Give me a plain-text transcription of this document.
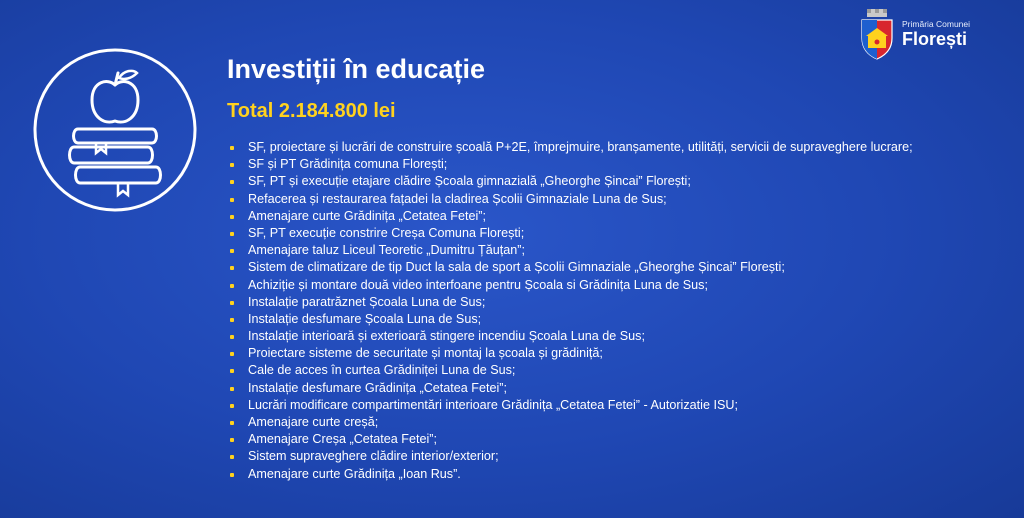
Primăria Comunei
Florești
Investiții în educație
Total 2.184.800 lei
SF, proiectare și lucrări de construire școală P+2E, împrejmuire, branșamente, utilități, servicii de supraveghere lucrare;
SF și PT Grădinița comuna Florești;
SF, PT și execuție etajare clădire Școala gimnazială „Gheorghe Șincai” Florești;
Refacerea și restaurarea fațadei la cladirea Școlii Gimnaziale Luna de Sus;
Amenajare curte Grădinița „Cetatea Fetei”;
SF, PT execuție constrire Creșa Comuna Florești;
Amenajare taluz Liceul Teoretic „Dumitru Țăuțan”;
Sistem de climatizare de tip Duct la sala de sport a Școlii Gimnaziale „Gheorghe Șincai” Florești;
Achiziție și montare două video interfoane pentru Școala si Grădinița Luna de Sus;
Instalație paratrăznet Școala Luna de Sus;
Instalație desfumare Școala Luna de Sus;
Instalație interioară și exterioară stingere incendiu Școala Luna de Sus;
Proiectare sisteme de securitate și montaj la școala și grădiniță;
Cale de acces în curtea Grădiniței Luna de Sus;
Instalație desfumare Grădinița „Cetatea Fetei”;
Lucrări modificare compartimentări interioare Grădinița „Cetatea Fetei” - Autorizatie ISU;
Amenajare curte creșă;
Amenajare Creșa „Cetatea Fetei”;
Sistem supraveghere clădire interior/exterior;
Amenajare curte Grădinița „Ioan Rus”.
